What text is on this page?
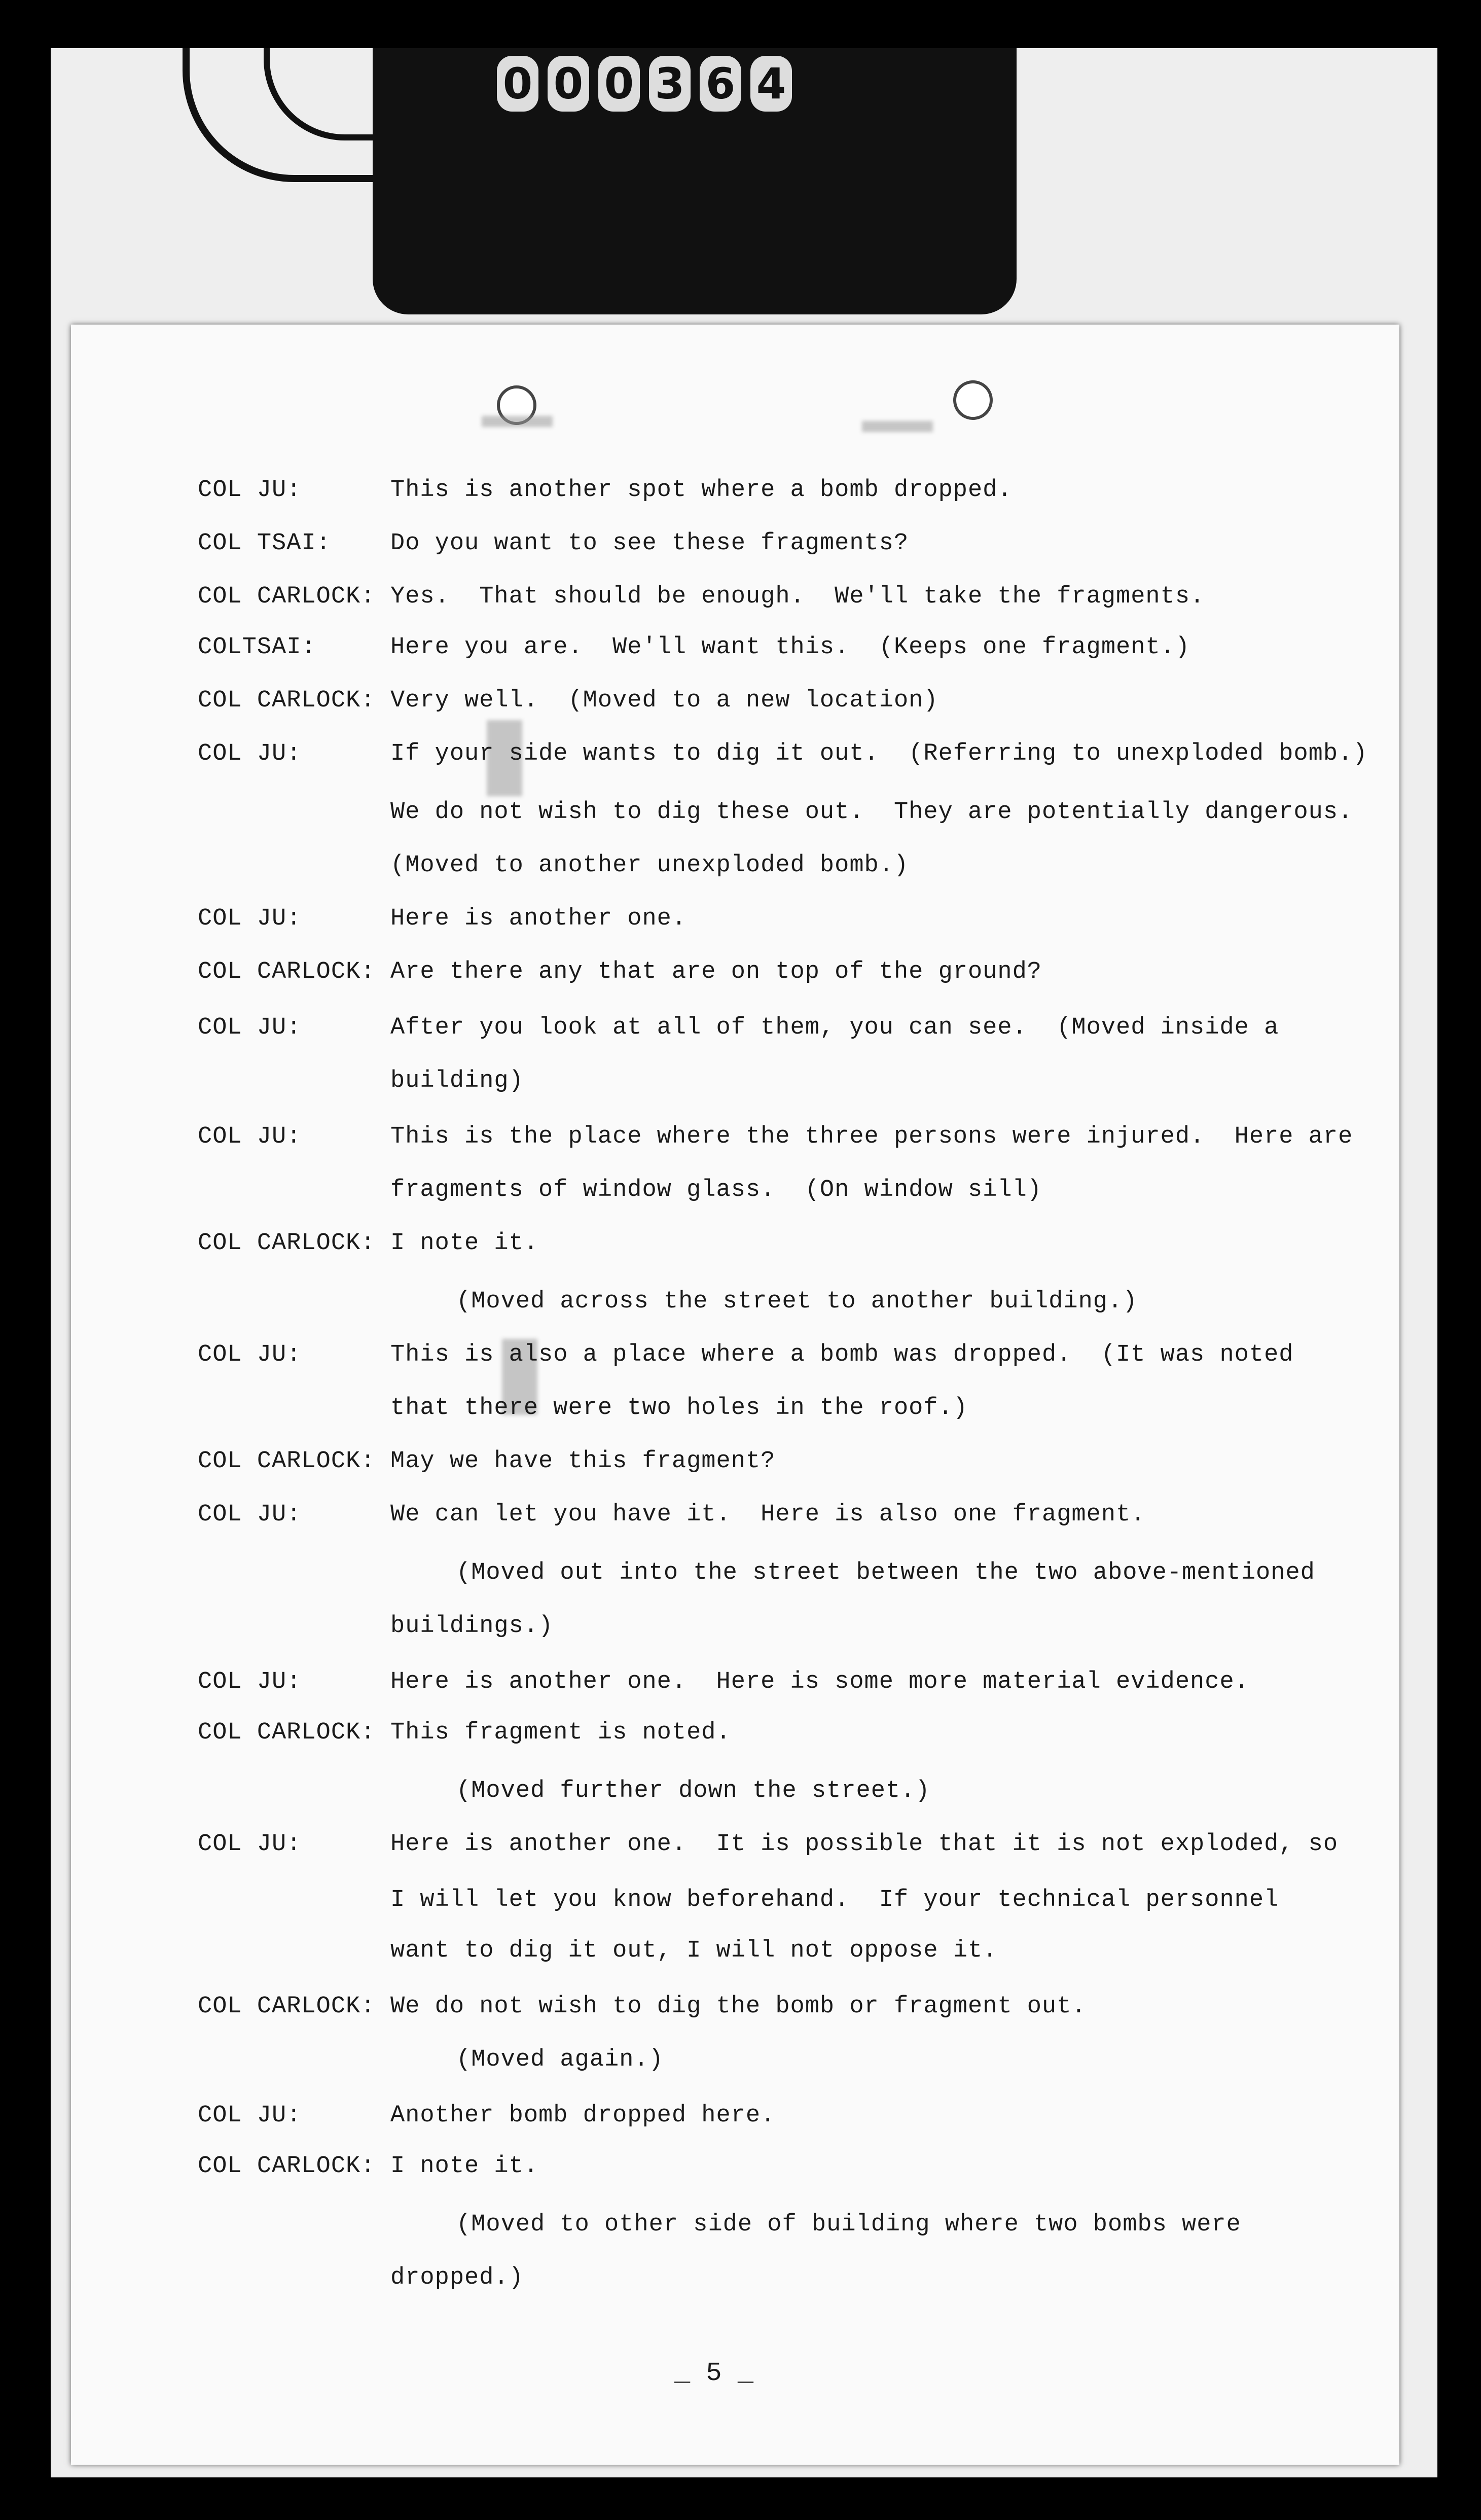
0 0 0 3 6 4
COL JU:	This is another spot where a bomb dropped.
COL TSAI: Do you want to see these fragments?
COL CARLOCK: Yes.  That should be enough.  We'll take the fragments.
COLTSAI:	Here you are.  We'll want this.  (Keeps one fragment.)
COL CARLOCK: Very well.  (Moved to a new location)
COL JU:	If your side wants to dig it out.  (Referring to unexploded bomb.)
We do not wish to dig these out.  They are potentially dangerous.
(Moved to another unexploded bomb.)
COL JU:	Here is another one.
COL CARLOCK: Are there any that are on top of the ground?
COL JU:	After you look at all of them, you can see.  (Moved inside a
building)
COL JU:	This is the place where the three persons were injured.  Here are
fragments of window glass.  (On window sill)
COL CARLOCK: I note it.
(Moved across the street to another building.)
COL JU:	This is also a place where a bomb was dropped.  (It was noted
that there were two holes in the roof.)
COL CARLOCK: May we have this fragment?
COL JU:	We can let you have it.  Here is also one fragment.
(Moved out into the street between the two above-mentioned
buildings.)
COL JU:	Here is another one.  Here is some more material evidence.
COL CARLOCK: This fragment is noted.
(Moved further down the street.)
COL JU:	Here is another one.  It is possible that it is not exploded, so
I will let you know beforehand.  If your technical personnel
want to dig it out, I will not oppose it.
COL CARLOCK: We do not wish to dig the bomb or fragment out.
(Moved again.)
COL JU:	Another bomb dropped here.
COL CARLOCK: I note it.
(Moved to other side of building where two bombs were
dropped.)
_ 5 _
